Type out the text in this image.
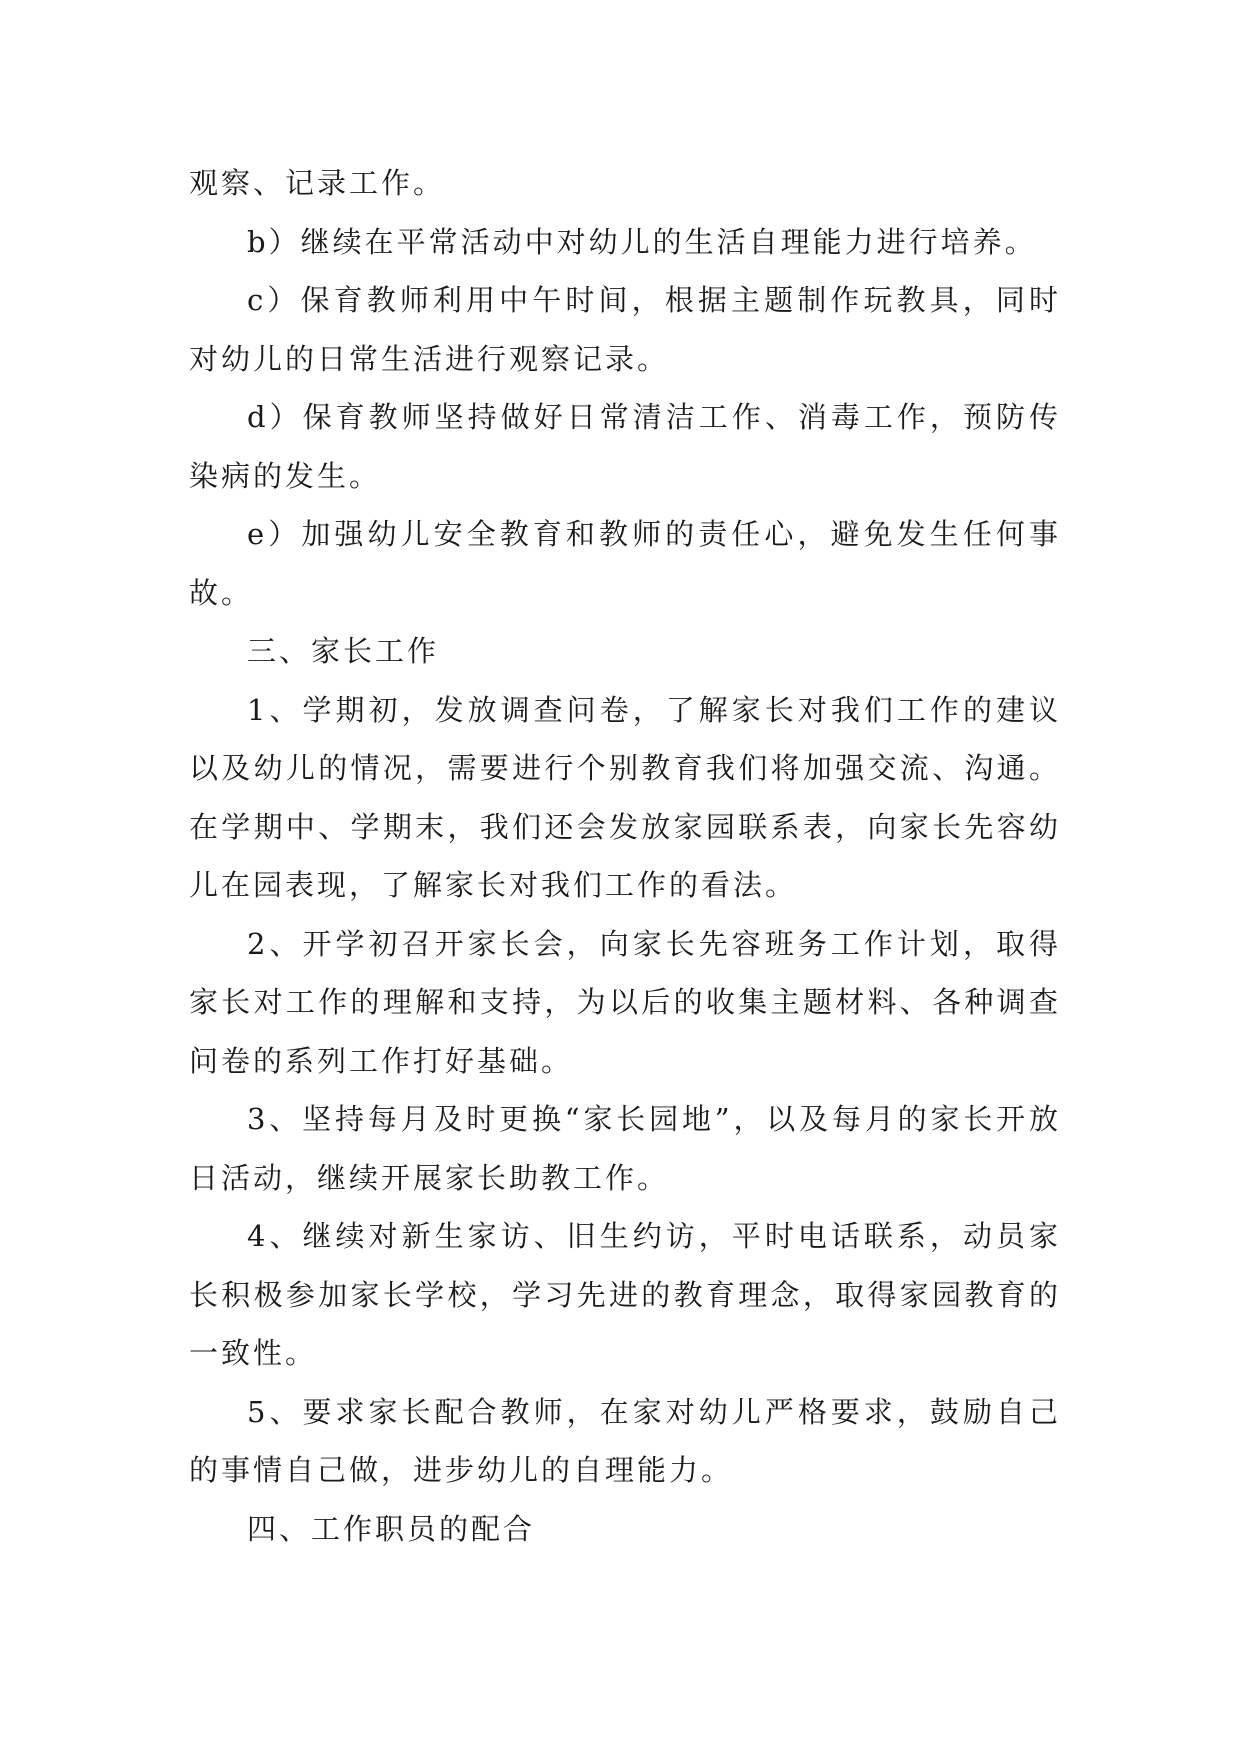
观察、记录工作。

b）继续在平常活动中对幼儿的生活自理能力进行培养。

c）保育教师利用中午时间，根据主题制作玩教具，同时对幼儿的日常生活进行观察记录。

d）保育教师坚持做好日常清洁工作、消毒工作，预防传染病的发生。

e）加强幼儿安全教育和教师的责任心，避免发生任何事故。

三、家长工作

1、学期初，发放调查问卷，了解家长对我们工作的建议以及幼儿的情况，需要进行个别教育我们将加强交流、沟通。在学期中、学期末，我们还会发放家园联系表，向家长先容幼儿在园表现，了解家长对我们工作的看法。

2、开学初召开家长会，向家长先容班务工作计划，取得家长对工作的理解和支持，为以后的收集主题材料、各种调查问卷的系列工作打好基础。

3、坚持每月及时更换“家长园地”，以及每月的家长开放日活动，继续开展家长助教工作。

4、继续对新生家访、旧生约访，平时电话联系，动员家长积极参加家长学校，学习先进的教育理念，取得家园教育的一致性。

5、要求家长配合教师，在家对幼儿严格要求，鼓励自己的事情自己做，进步幼儿的自理能力。

四、工作职员的配合
